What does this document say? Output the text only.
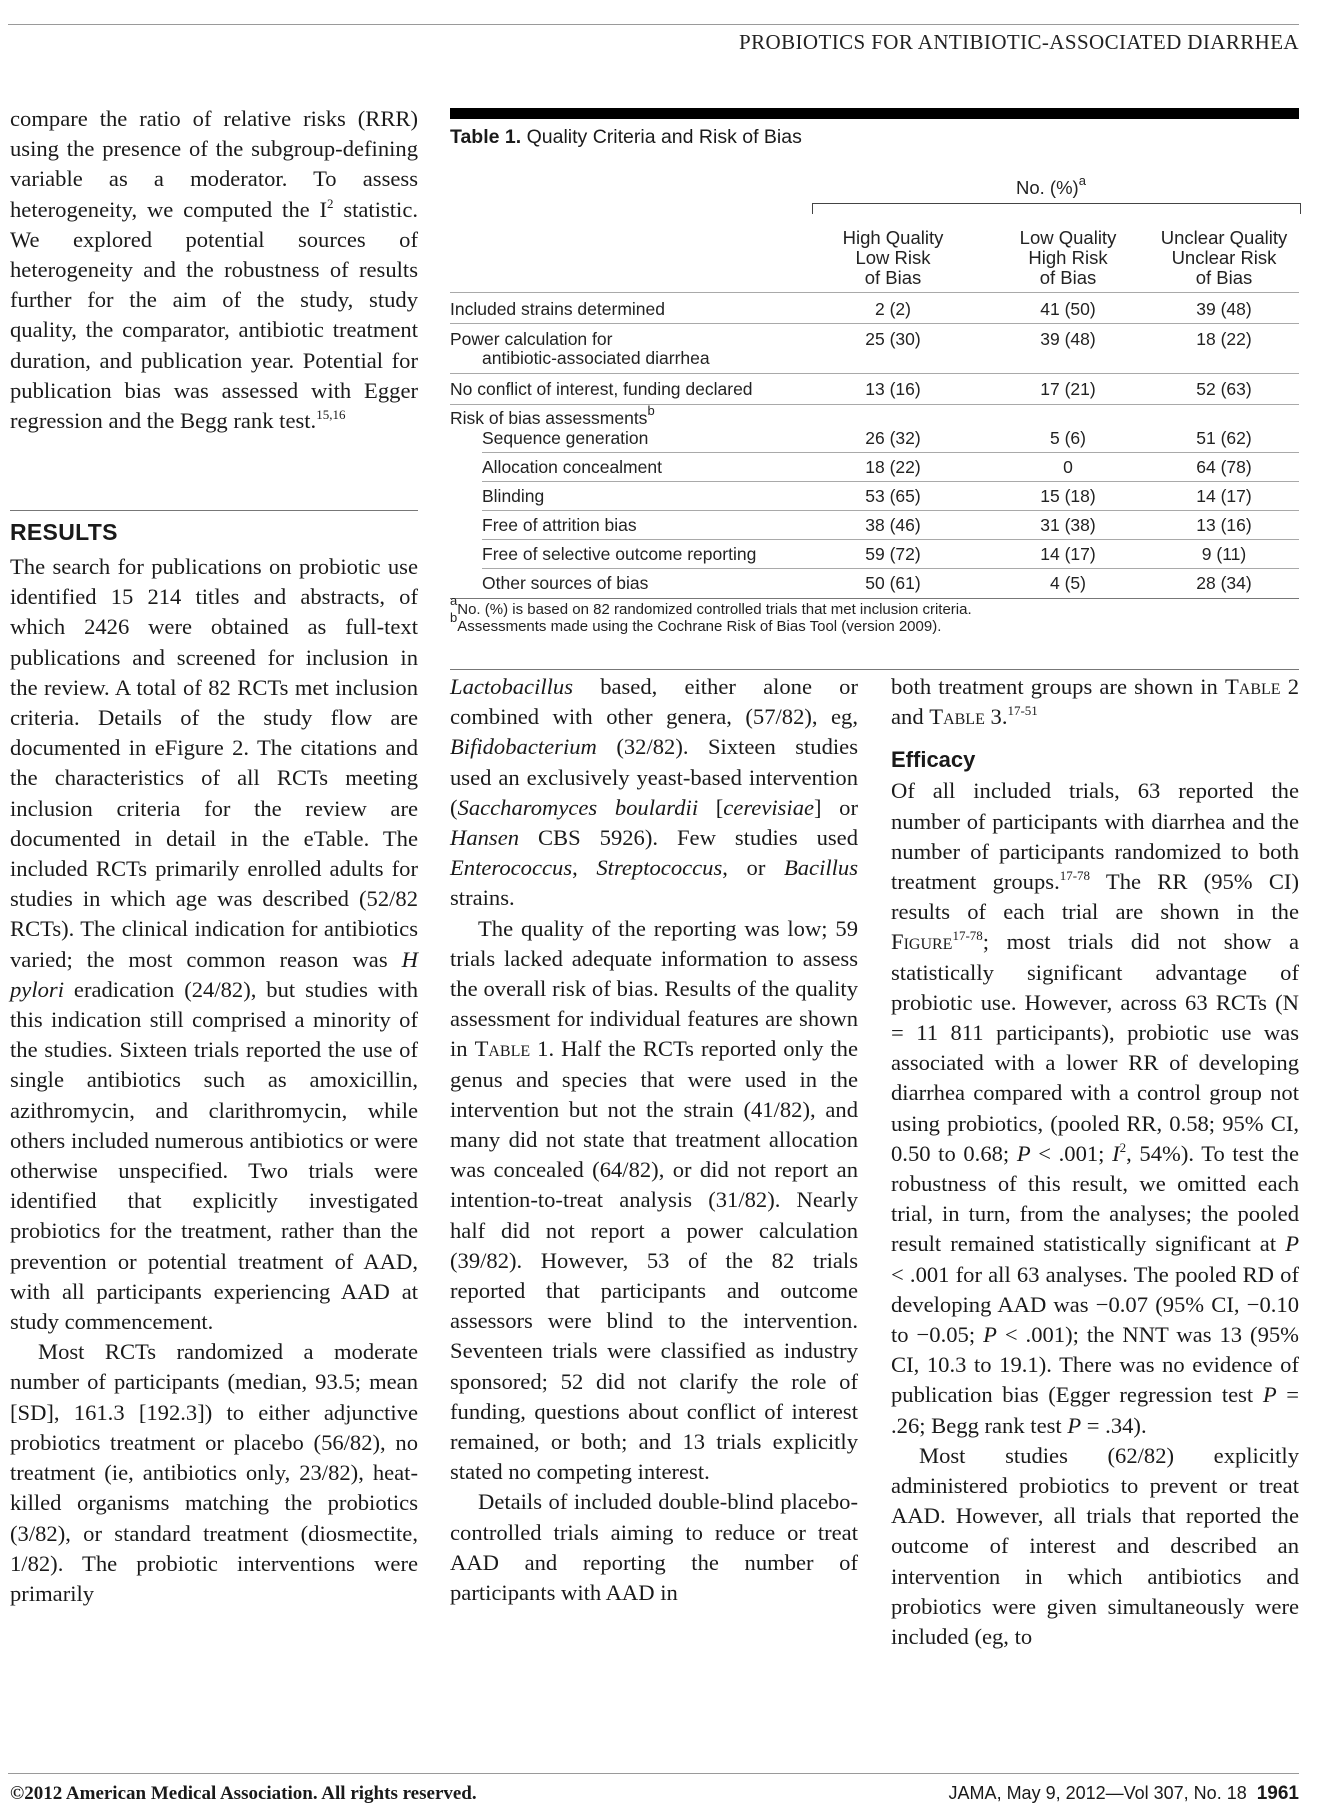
PROBIOTICS FOR ANTIBIOTIC-ASSOCIATED DIARRHEA

compare the ratio of relative risks (RRR) using the presence of the subgroup-defining variable as a moderator. To assess heterogeneity, we computed the $I^2$ statistic. We explored potential sources of heterogeneity and the robustness of results further for the aim of the study, study quality, the comparator, antibiotic treatment duration, and publication year. Potential for publication bias was assessed with Egger regression and the Begg rank test.$^{15,16}$

RESULTS

The search for publications on probiotic use identified 15 214 titles and abstracts, of which 2426 were obtained as full-text publications and screened for inclusion in the review. A total of 82 RCTs met inclusion criteria. Details of the study flow are documented in eFigure 2. The citations and the characteristics of all RCTs meeting inclusion criteria for the review are documented in detail in the eTable. The included RCTs primarily enrolled adults for studies in which age was described (52/82 RCTs). The clinical indication for antibiotics varied; the most common reason was H pylori eradication (24/82), but studies with this indication still comprised a minority of the studies. Sixteen trials reported the use of single antibiotics such as amoxicillin, azithromycin, and clarithromycin, while others included numerous antibiotics or were otherwise unspecified. Two trials were identified that explicitly investigated probiotics for the treatment, rather than the prevention or potential treatment of AAD, with all participants experiencing AAD at study commencement.

Most RCTs randomized a moderate number of participants (median, 93.5; mean [SD], 161.3 [192.3]) to either adjunctive probiotics treatment or placebo (56/82), no treatment (ie, antibiotics only, 23/82), heat-killed organisms matching the probiotics (3/82), or standard treatment (diosmectite, 1/82). The probiotic interventions were primarily

Table 1. Quality Criteria and Risk of Bias
No. (%)$^a$
High Quality
Low Risk
of Bias
Low Quality
High Risk
of Bias
Unclear Quality
Unclear Risk
of Bias
Included strains determined	2 (2)	41 (50)	39 (48)
Power calculation for
antibiotic-associated diarrhea
25 (30)	39 (48)	18 (22)
No conflict of interest, funding declared	13 (16)	17 (21)	52 (63)
Risk of bias assessments$^b$
Sequence generation	26 (32)	5 (6)	51 (62)
Allocation concealment	18 (22)	0	64 (78)
Blinding	53 (65)	15 (18)	14 (17)
Free of attrition bias	38 (46)	31 (38)	13 (16)
Free of selective outcome reporting	59 (72)	14 (17)	9 (11)
Other sources of bias	50 (61)	4 (5)	28 (34)
$^a$No. (%) is based on 82 randomized controlled trials that met inclusion criteria.
$^b$Assessments made using the Cochrane Risk of Bias Tool (version 2009).

Lactobacillus based, either alone or combined with other genera, (57/82), eg, Bifidobacterium (32/82). Sixteen studies used an exclusively yeast-based intervention (Saccharomyces boulardii [cerevisiae] or Hansen CBS 5926). Few studies used Enterococcus, Streptococcus, or Bacillus strains.

The quality of the reporting was low; 59 trials lacked adequate information to assess the overall risk of bias. Results of the quality assessment for individual features are shown in Table 1. Half the RCTs reported only the genus and species that were used in the intervention but not the strain (41/82), and many did not state that treatment allocation was concealed (64/82), or did not report an intention-to-treat analysis (31/82). Nearly half did not report a power calculation (39/82). However, 53 of the 82 trials reported that participants and outcome assessors were blind to the intervention. Seventeen trials were classified as industry sponsored; 52 did not clarify the role of funding, questions about conflict of interest remained, or both; and 13 trials explicitly stated no competing interest.

Details of included double-blind placebo-controlled trials aiming to reduce or treat AAD and reporting the number of participants with AAD in

both treatment groups are shown in Table 2 and Table 3.$^{17-51}$

Efficacy

Of all included trials, 63 reported the number of participants with diarrhea and the number of participants randomized to both treatment groups.$^{17-78}$ The RR (95% CI) results of each trial are shown in the Figure$^{17-78}$; most trials did not show a statistically significant advantage of probiotic use. However, across 63 RCTs (N = 11 811 participants), probiotic use was associated with a lower RR of developing diarrhea compared with a control group not using probiotics, (pooled RR, 0.58; 95% CI, 0.50 to 0.68; P < .001; $I^2$, 54%). To test the robustness of this result, we omitted each trial, in turn, from the analyses; the pooled result remained statistically significant at P < .001 for all 63 analyses. The pooled RD of developing AAD was −0.07 (95% CI, −0.10 to −0.05; P < .001); the NNT was 13 (95% CI, 10.3 to 19.1). There was no evidence of publication bias (Egger regression test P = .26; Begg rank test P = .34).

Most studies (62/82) explicitly administered probiotics to prevent or treat AAD. However, all trials that reported the outcome of interest and described an intervention in which antibiotics and probiotics were given simultaneously were included (eg, to

©2012 American Medical Association. All rights reserved.	JAMA, May 9, 2012—Vol 307, No. 18 1961
